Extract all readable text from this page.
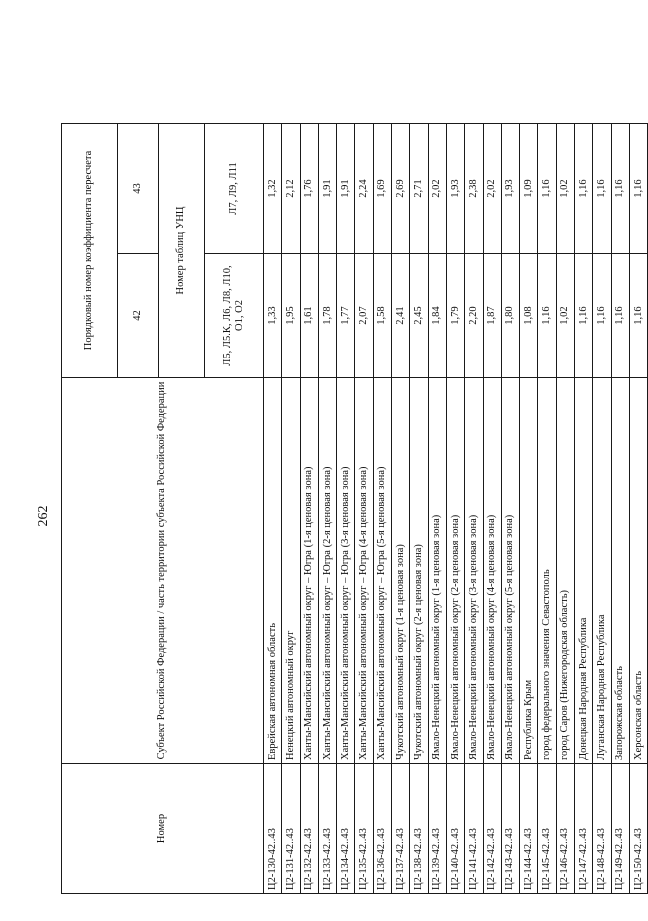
262
Номер	Субъект Российской Федерации / часть территории субъекта Российской Федерации	Порядковый номер коэффициента пересчета	
		42	43
		Номер таблиц УНЦ	
		Л5, Л5.К, Л6, Л8, Л10, О1, О2	Л7, Л9, Л11
Ц2-130-42..43	Еврейская автономная область	1,33	1,32
Ц2-131-42..43	Ненецкий автономный округ	1,95	2,12
Ц2-132-42..43	Ханты-Мансийский автономный округ – Югра (1-я ценовая зона)	1,61	1,76
Ц2-133-42..43	Ханты-Мансийский автономный округ – Югра (2-я ценовая зона)	1,78	1,91
Ц2-134-42..43	Ханты-Мансийский автономный округ – Югра (3-я ценовая зона)	1,77	1,91
Ц2-135-42..43	Ханты-Мансийский автономный округ – Югра (4-я ценовая зона)	2,07	2,24
Ц2-136-42..43	Ханты-Мансийский автономный округ – Югра (5-я ценовая зона)	1,58	1,69
Ц2-137-42..43	Чукотский автономный округ (1-я ценовая зона)	2,41	2,69
Ц2-138-42..43	Чукотский автономный округ (2-я ценовая зона)	2,45	2,71
Ц2-139-42..43	Ямало-Ненецкий автономный округ (1-я ценовая зона)	1,84	2,02
Ц2-140-42..43	Ямало-Ненецкий автономный округ (2-я ценовая зона)	1,79	1,93
Ц2-141-42..43	Ямало-Ненецкий автономный округ (3-я ценовая зона)	2,20	2,38
Ц2-142-42..43	Ямало-Ненецкий автономный округ (4-я ценовая зона)	1,87	2,02
Ц2-143-42..43	Ямало-Ненецкий автономный округ (5-я ценовая зона)	1,80	1,93
Ц2-144-42..43	Республика Крым	1,08	1,09
Ц2-145-42..43	город федерального значения Севастополь	1,16	1,16
Ц2-146-42..43	город Саров (Нижегородская область)	1,02	1,02
Ц2-147-42..43	Донецкая Народная Республика	1,16	1,16
Ц2-148-42..43	Луганская Народная Республика	1,16	1,16
Ц2-149-42..43	Запорожская область	1,16	1,16
Ц2-150-42..43	Херсонская область	1,16	1,16
